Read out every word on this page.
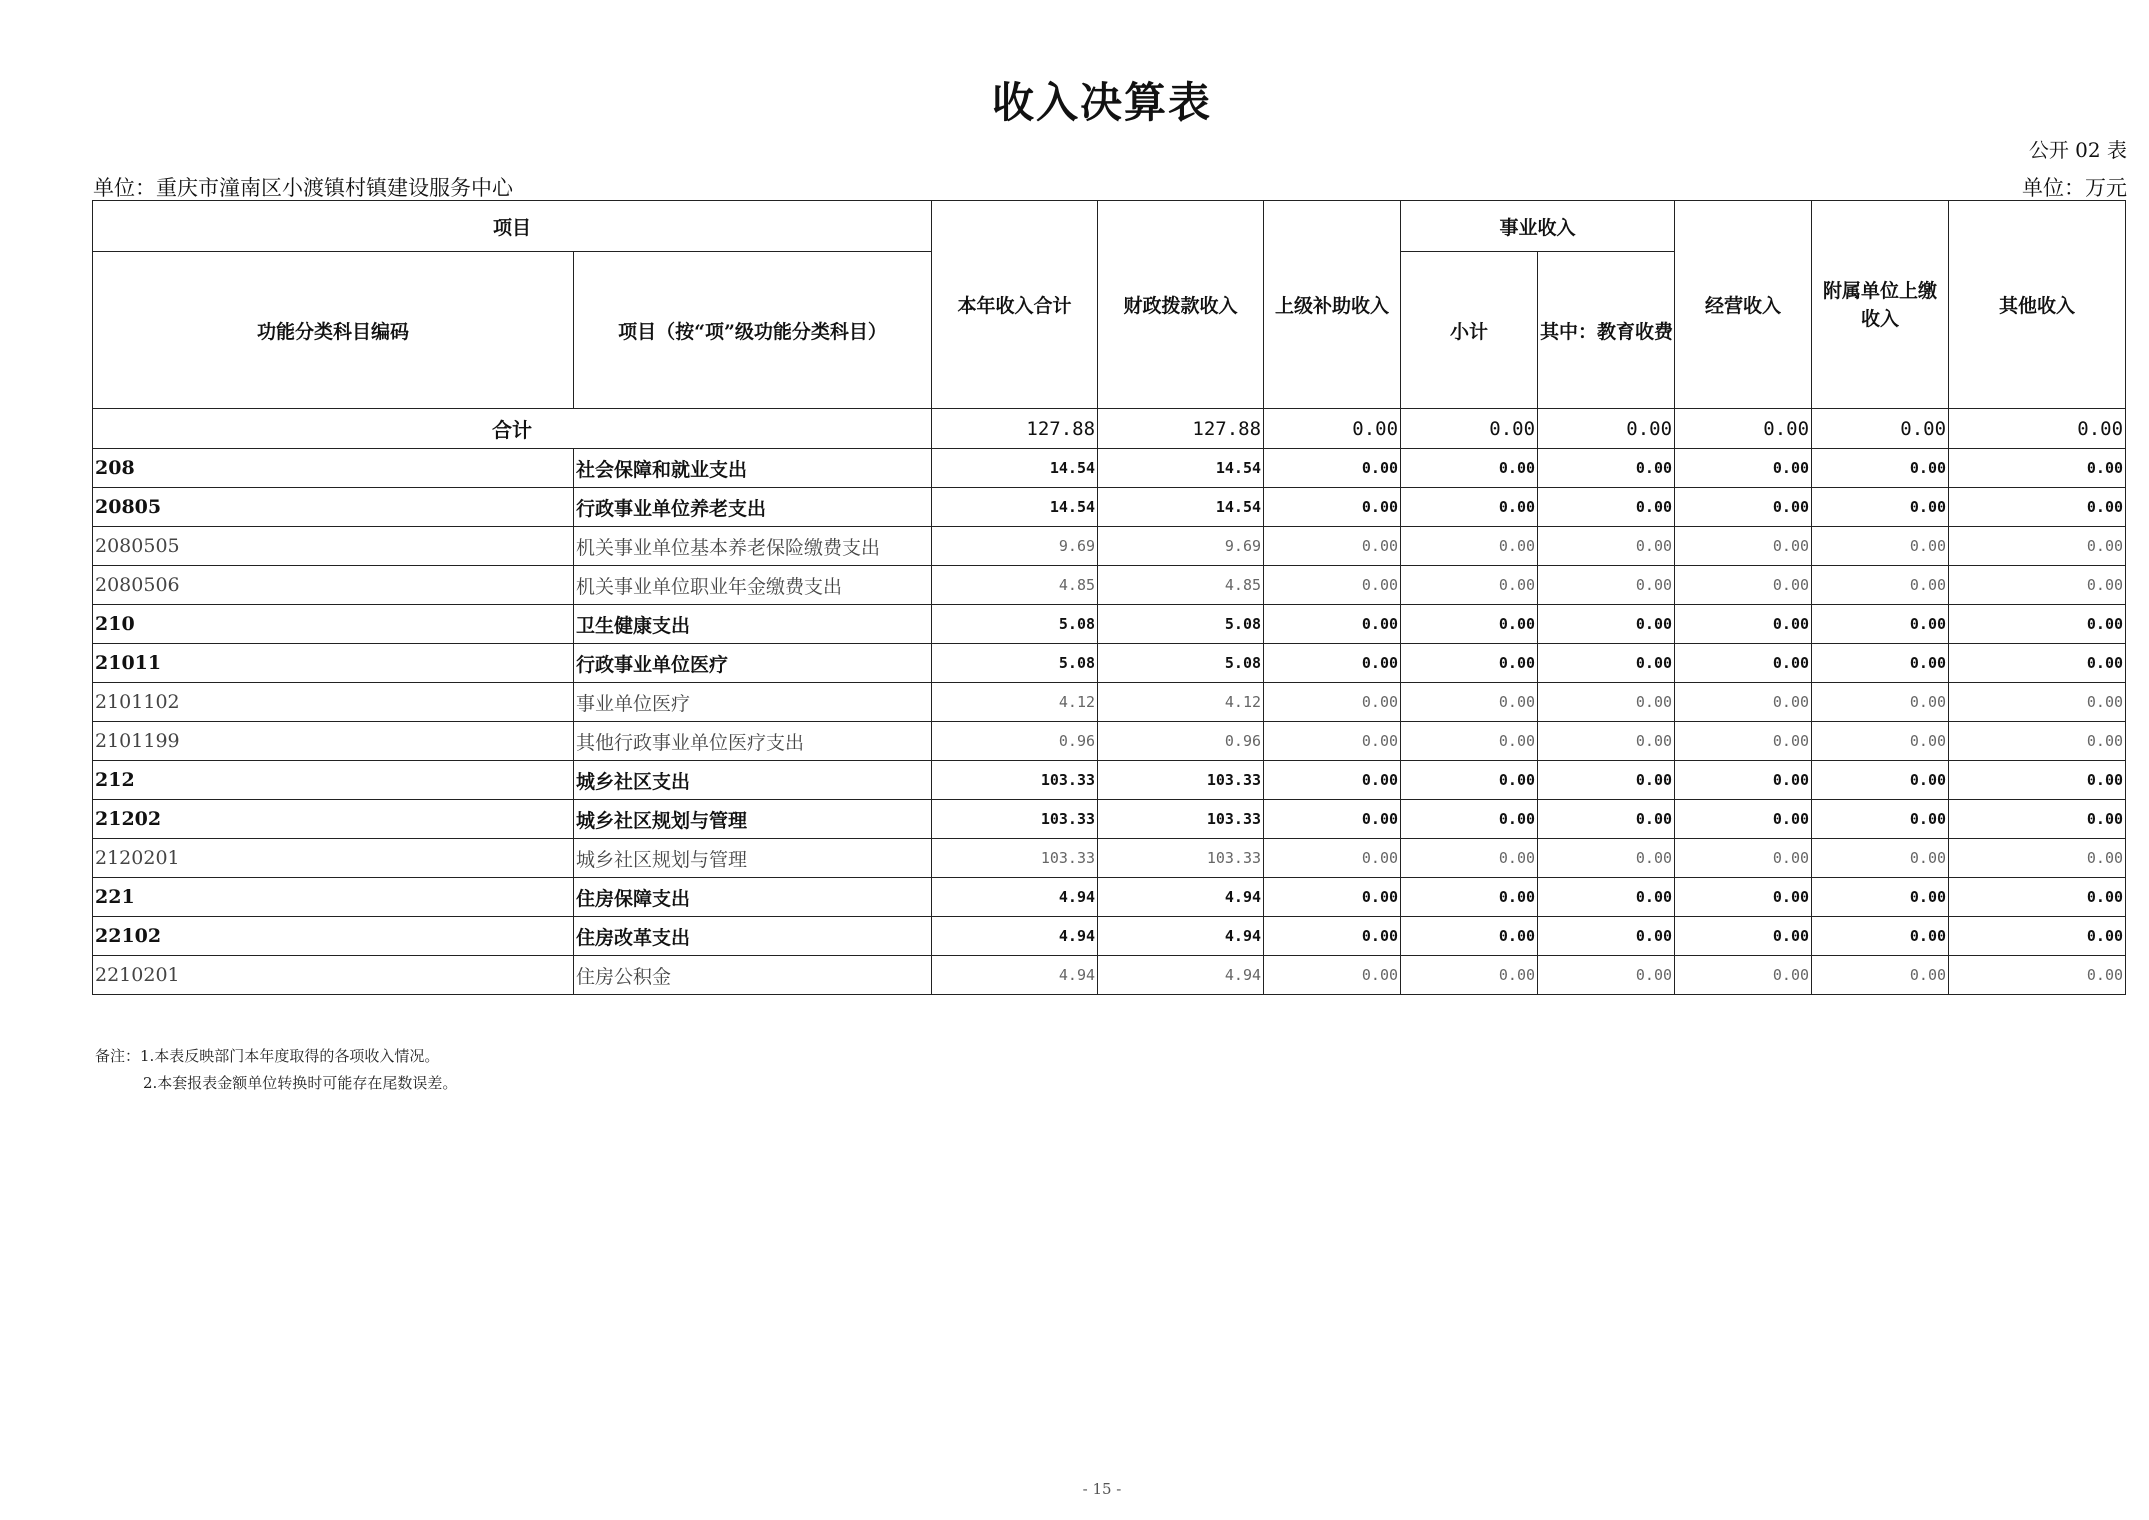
收入决算表
公开 02 表
单位：重庆市潼南区小渡镇村镇建设服务中心	单位：万元
项目		本年收入合计	财政拨款收入	上级补助收入	事业收入		经营收入	附属单位上缴收入	其他收入
功能分类科目编码	项目（按“项”级功能分类科目）				小计	其中：教育收费			
合计		127.88	127.88	0.00	0.00	0.00	0.00	0.00	0.00
208	社会保障和就业支出	14.54	14.54	0.00	0.00	0.00	0.00	0.00	0.00
20805	行政事业单位养老支出	14.54	14.54	0.00	0.00	0.00	0.00	0.00	0.00
2080505	机关事业单位基本养老保险缴费支出	9.69	9.69	0.00	0.00	0.00	0.00	0.00	0.00
2080506	机关事业单位职业年金缴费支出	4.85	4.85	0.00	0.00	0.00	0.00	0.00	0.00
210	卫生健康支出	5.08	5.08	0.00	0.00	0.00	0.00	0.00	0.00
21011	行政事业单位医疗	5.08	5.08	0.00	0.00	0.00	0.00	0.00	0.00
2101102	事业单位医疗	4.12	4.12	0.00	0.00	0.00	0.00	0.00	0.00
2101199	其他行政事业单位医疗支出	0.96	0.96	0.00	0.00	0.00	0.00	0.00	0.00
212	城乡社区支出	103.33	103.33	0.00	0.00	0.00	0.00	0.00	0.00
21202	城乡社区规划与管理	103.33	103.33	0.00	0.00	0.00	0.00	0.00	0.00
2120201	城乡社区规划与管理	103.33	103.33	0.00	0.00	0.00	0.00	0.00	0.00
221	住房保障支出	4.94	4.94	0.00	0.00	0.00	0.00	0.00	0.00
22102	住房改革支出	4.94	4.94	0.00	0.00	0.00	0.00	0.00	0.00
2210201	住房公积金	4.94	4.94	0.00	0.00	0.00	0.00	0.00	0.00
备注：1.本表反映部门本年度取得的各项收入情况。
2.本套报表金额单位转换时可能存在尾数误差。
- 15 -
